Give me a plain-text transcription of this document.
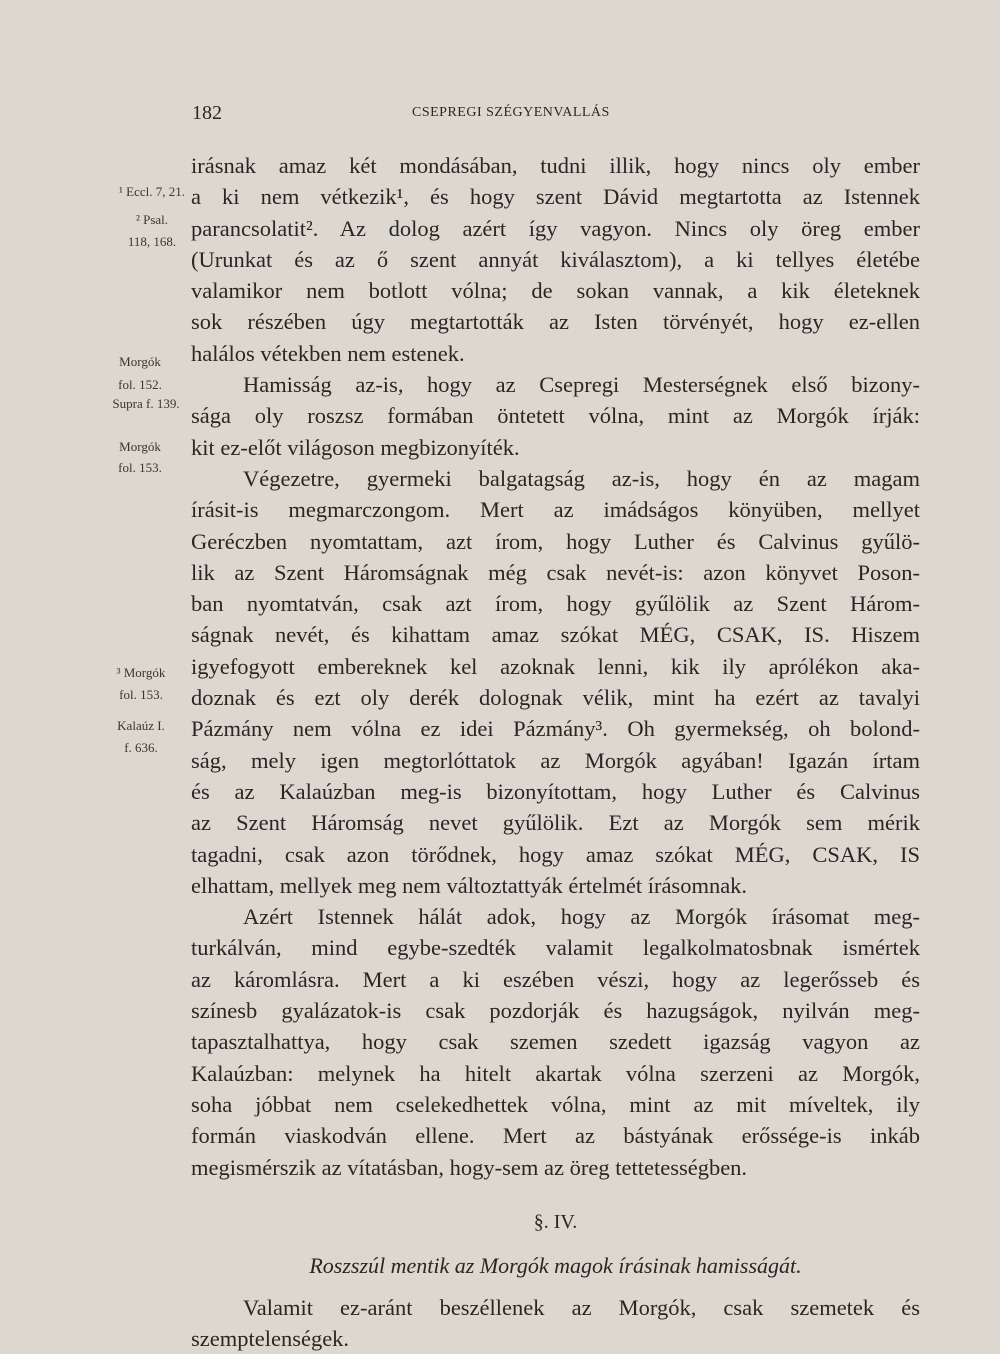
182	CSEPREGI SZÉGYENVALLÁS
¹ Eccl. 7, 21.
² Psal.
118, 168.
Morgók
fol. 152.
Supra f. 139.
Morgók
fol. 153.
³ Morgók
fol. 153.
Kalaúz I.
f. 636.
irásnak amaz két mondásában, tudni illik, hogy nincs oly ember
a ki nem vétkezik¹, és hogy szent Dávid megtartotta az Istennek
parancsolatit². Az dolog azért így vagyon. Nincs oly öreg ember
(Urunkat és az ő szent annyát kiválasztom), a ki tellyes életébe
valamikor nem botlott vólna; de sokan vannak, a kik életeknek
sok részében úgy megtartották az Isten törvényét, hogy ez-ellen
halálos vétekben nem estenek.
Hamisság az-is, hogy az Csepregi Mesterségnek első bizony-
sága oly roszsz formában öntetett vólna, mint az Morgók írják:
kit ez-előt világoson megbizonyíték.
Végezetre, gyermeki balgatagság az-is, hogy én az magam
írásit-is megmarczongom. Mert az imádságos könyüben, mellyet
Geréczben nyomtattam, azt írom, hogy Luther és Calvinus gyűlö-
lik az Szent Háromságnak még csak nevét-is: azon könyvet Poson-
ban nyomtatván, csak azt írom, hogy gyűlölik az Szent Három-
ságnak nevét, és kihattam amaz szókat MÉG, CSAK, IS. Hiszem
igyefogyott embereknek kel azoknak lenni, kik ily aprólékon aka-
doznak és ezt oly derék dolognak vélik, mint ha ezért az tavalyi
Pázmány nem vólna ez idei Pázmány³. Oh gyermekség, oh bolond-
ság, mely igen megtorlóttatok az Morgók agyában! Igazán írtam
és az Kalaúzban meg-is bizonyítottam, hogy Luther és Calvinus
az Szent Háromság nevet gyűlölik. Ezt az Morgók sem mérik
tagadni, csak azon törődnek, hogy amaz szókat MÉG, CSAK, IS
elhattam, mellyek meg nem változtattyák értelmét írásomnak.
Azért Istennek hálát adok, hogy az Morgók írásomat meg-
turkálván, mind egybe-szedték valamit legalkolmatosbnak ismértek
az káromlásra. Mert a ki eszében vészi, hogy az legerősseb és
színesb gyalázatok-is csak pozdorják és hazugságok, nyilván meg-
tapasztalhattya, hogy csak szemen szedett igazság vagyon az
Kalaúzban: melynek ha hitelt akartak vólna szerzeni az Morgók,
soha jóbbat nem cselekedhettek vólna, mint az mit míveltek, ily
formán viaskodván ellene. Mert az bástyának erőssége-is inkáb
megismérszik az vítatásban, hogy-sem az öreg tettetességben.
§. IV.
Roszszúl mentik az Morgók magok írásinak hamisságát.
Valamit ez-aránt beszéllenek az Morgók, csak szemetek és
szemptelenségek.
